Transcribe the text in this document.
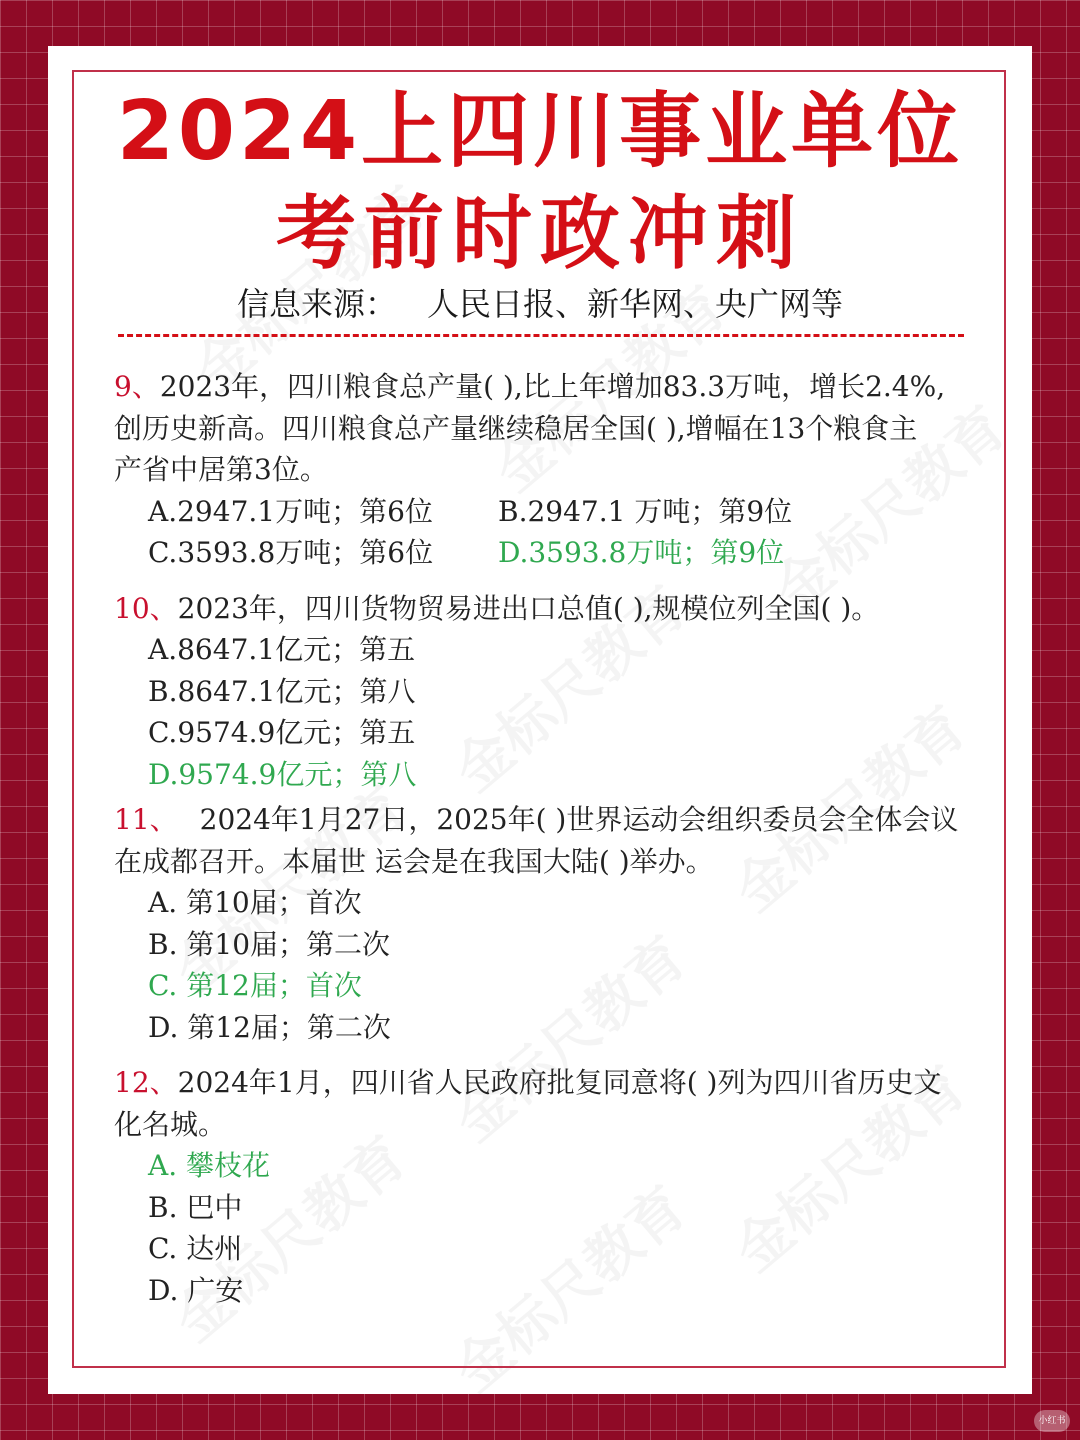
2024上四川事业单位
考前时政冲刺
信息来源： 人民日报、新华网、央广网等
9、2023年，四川粮食总产量( ),比上年增加83.3万吨，增长2.4%,
创历史新高。四川粮食总产量继续稳居全国( ),增幅在13个粮食主
产省中居第3位。
A.2947.1万吨；第6位	B.2947.1 万吨；第9位
C.3593.8万吨；第6位	D.3593.8万吨；第9位
10、2023年，四川货物贸易进出口总值( ),规模位列全国( )。
A.8647.1亿元；第五
B.8647.1亿元；第八
C.9574.9亿元；第五
D.9574.9亿元；第八
11、 2024年1月27日，2025年( )世界运动会组织委员会全体会议
在成都召开。本届世 运会是在我国大陆( )举办。
A. 第10届；首次
B. 第10届；第二次
C. 第12届；首次
D. 第12届；第二次
12、2024年1月，四川省人民政府批复同意将( )列为四川省历史文
化名城。
A. 攀枝花
B. 巴中
C. 达州
D. 广安
小红书
